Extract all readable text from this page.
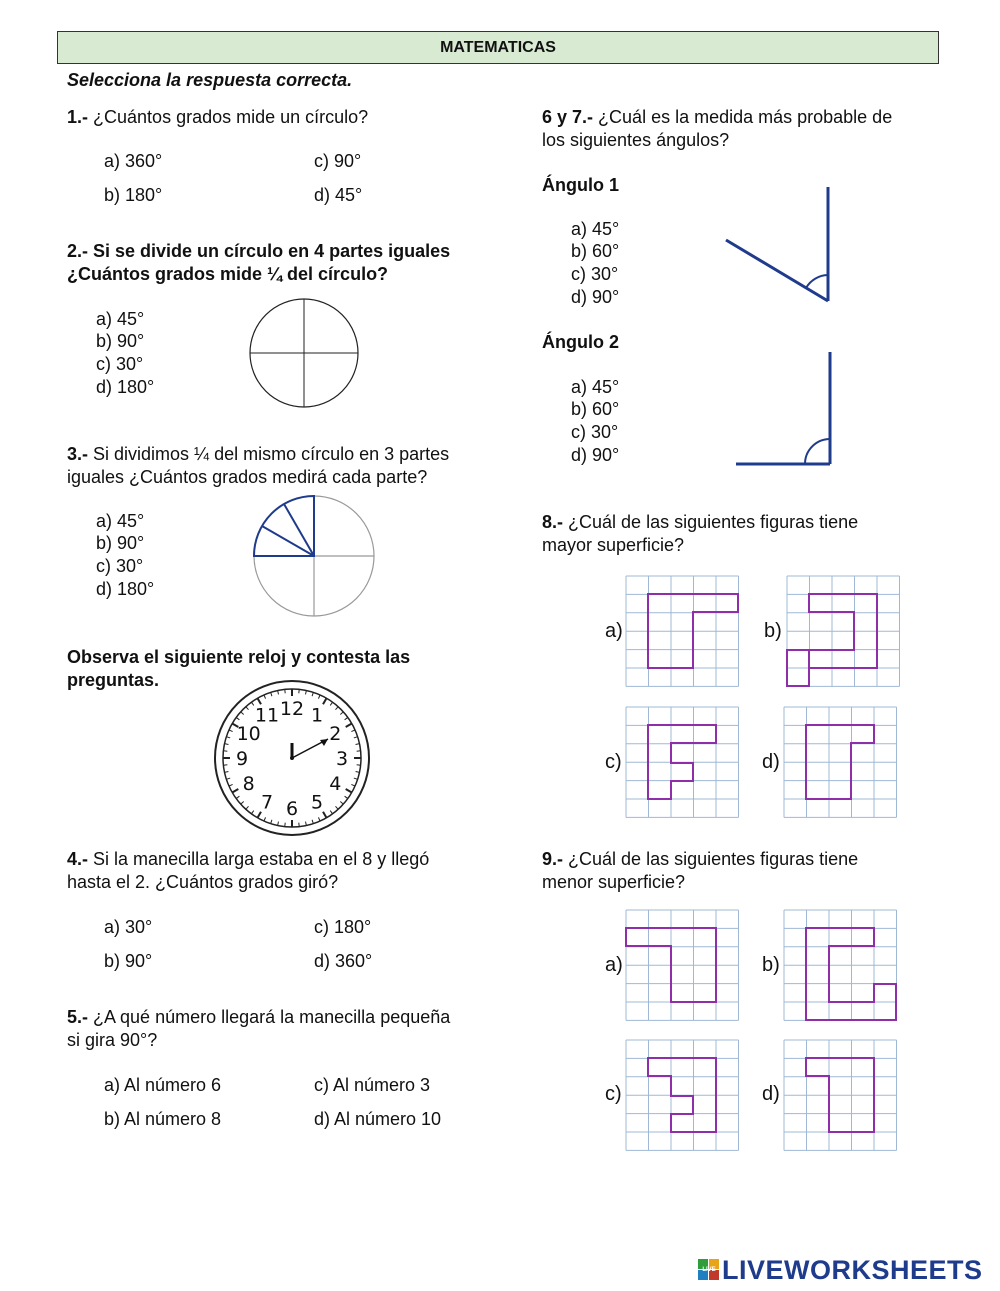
MATEMATICAS
Selecciona la respuesta correcta.
1.- ¿Cuántos grados mide un círculo?
a) 360°	c) 90°
b) 180°	d) 45°
2.- Si se divide un círculo en 4 partes iguales
¿Cuántos grados mide ¼ del círculo?
a) 45°
b) 90°
c) 30°
d) 180°
3.- Si dividimos ¼ del mismo círculo en 3 partes
iguales ¿Cuántos grados medirá cada parte?
a) 45°
b) 90°
c) 30°
d) 180°
Observa el siguiente reloj y contesta las
preguntas.
12 1
2
3
4
5
6
7
8
9
10
11
4.- Si la manecilla larga estaba en el 8 y llegó
hasta el 2. ¿Cuántos grados giró?
a) 30°	c) 180°
b) 90°	d) 360°
5.- ¿A qué número llegará la manecilla pequeña
si gira 90°?
a) Al número 6	c) Al número 3
b) Al número 8	d) Al número 10
6 y 7.- ¿Cuál es la medida más probable de
los siguientes ángulos?
Ángulo 1
a) 45°
b) 60°
c) 30°
d) 90°
Ángulo 2
a) 45°
b) 60°
c) 30°
d) 90°
8.- ¿Cuál de las siguientes figuras tiene
mayor superficie?
a)	b)
c)	d)
9.- ¿Cuál de las siguientes figuras tiene
menor superficie?
a)	b)
c)	d)
LIVE LIVEWORKSHEETS
